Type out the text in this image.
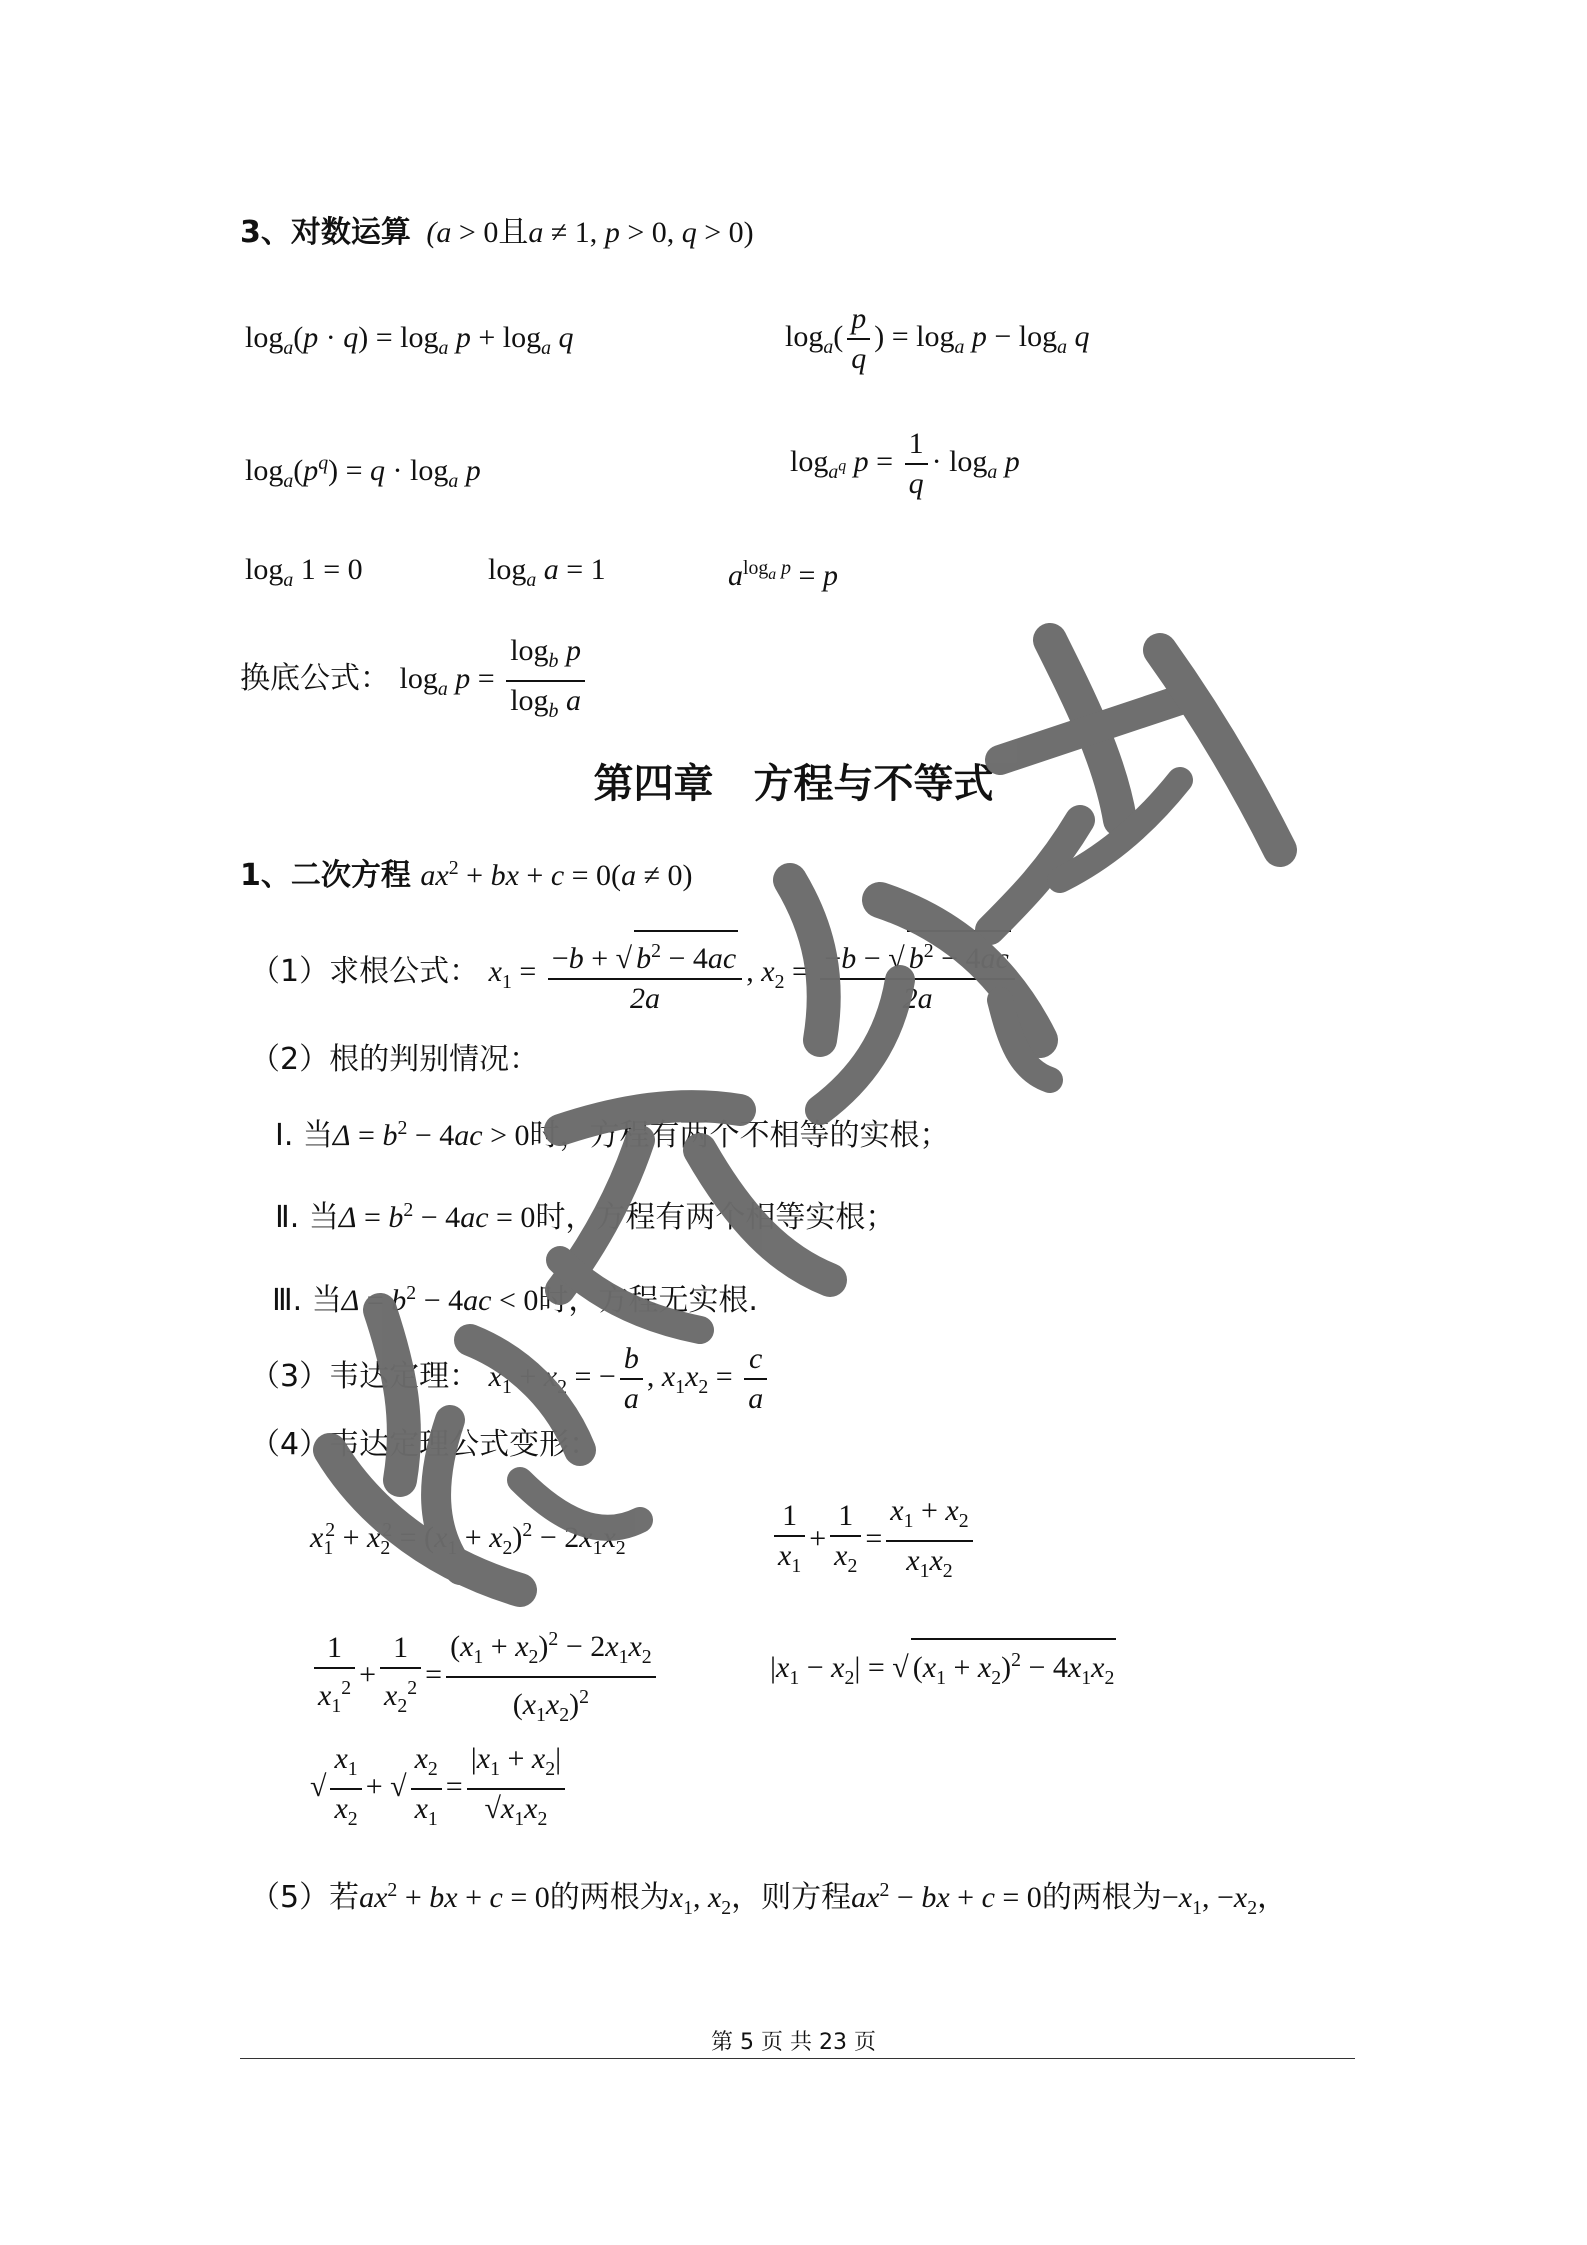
3、对数运算 (a > 0且a ≠ 1, p > 0, q > 0)
$\log_a(p \cdot q) = \log_a p + \log_a q$	$\log_a( \frac{p}{q}$ ) = $\log_a p - \log_a q$
$\log_a(p^q) = q \cdot \log_a p$	$\log_{a^q} p = \frac{1}{q} \cdot \log_a p$
$\log_a 1 = 0$	$\log_a a = 1$	$a^{log_a p} = p$
换底公式： $\log_a p = \frac{\log_b p}{\log_b a}$
第四章　方程与不等式
1、二次方程 $ax^2$ + bx + c = 0(a ≠ 0)
（1）求根公式： $x_1 = \frac{-b + √ b^2 - 4ac}{2a}$ , $x_2 = \frac{-b - √ b^2 - 4ac}{2a}$
（2）根的判别情况：
Ⅰ. 当$\Delta = b^2 - 4ac > 0$时，方程有两个不相等的实根；
Ⅱ. 当$\Delta = b^2 - 4ac = 0$时，方程有两个相等实根；
Ⅲ. 当$\Delta = b^2 - 4ac < 0$时，方程无实根.
（3）韦达定理： $x_1 + x_2$ = − $\frac{b}{a}$ , $x_1x_2 = \frac{c}{a}$
（4）韦达定理公式变形：
$x_1^2 + x_2^2 = (x_1 + x_2)^2 - 2x_1x_2$	$\frac{1}{x_1} + \frac{1}{x_2} = \frac{x_1 + x_2}{x_1x_2}$
$\frac{1}{x_1^2} + \frac{1}{x_2^2} = \frac{(x_1 + x_2)^2 - 2x_1x_2}{(x_1x_2)^2}$	$|x_1 - x_2|$ = √ $(x_1 + x_2)^2 - 4x_1x_2$
√ $\frac{x_1}{x_2}$ + √ $\frac{x_2}{x_1} = \frac{|x_1 + x_2|}{√x_1x_2}$
（5）若$ax^2$ + bx + c = 0的两根为$x_1$, $x_2$，则方程$ax^2$ − bx + c = 0的两根为$-x_1$, $-x_2$，
第 5 页 共 23 页
